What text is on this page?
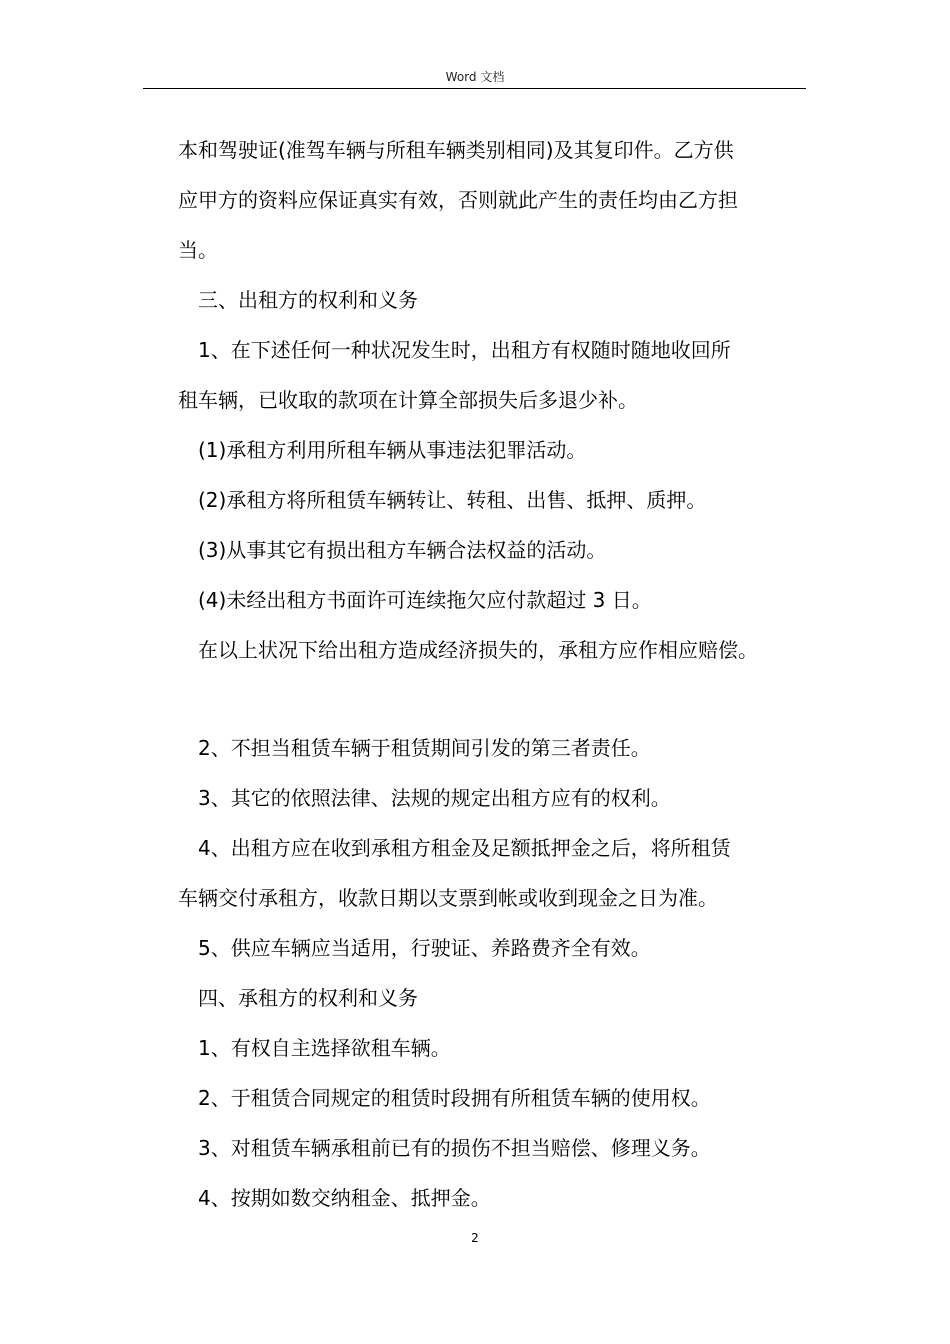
Word 文档
本和驾驶证(准驾车辆与所租车辆类别相同)及其复印件。乙方供
应甲方的资料应保证真实有效，否则就此产生的责任均由乙方担
当。
三、出租方的权利和义务
1、在下述任何一种状况发生时，出租方有权随时随地收回所
租车辆，已收取的款项在计算全部损失后多退少补。
(1)承租方利用所租车辆从事违法犯罪活动。
(2)承租方将所租赁车辆转让、转租、出售、抵押、质押。
(3)从事其它有损出租方车辆合法权益的活动。
(4)未经出租方书面许可连续拖欠应付款超过 3 日。
在以上状况下给出租方造成经济损失的，承租方应作相应赔偿。
2、不担当租赁车辆于租赁期间引发的第三者责任。
3、其它的依照法律、法规的规定出租方应有的权利。
4、出租方应在收到承租方租金及足额抵押金之后，将所租赁
车辆交付承租方，收款日期以支票到帐或收到现金之日为准。
5、供应车辆应当适用，行驶证、养路费齐全有效。
四、承租方的权利和义务
1、有权自主选择欲租车辆。
2、于租赁合同规定的租赁时段拥有所租赁车辆的使用权。
3、对租赁车辆承租前已有的损伤不担当赔偿、修理义务。
4、按期如数交纳租金、抵押金。
2
